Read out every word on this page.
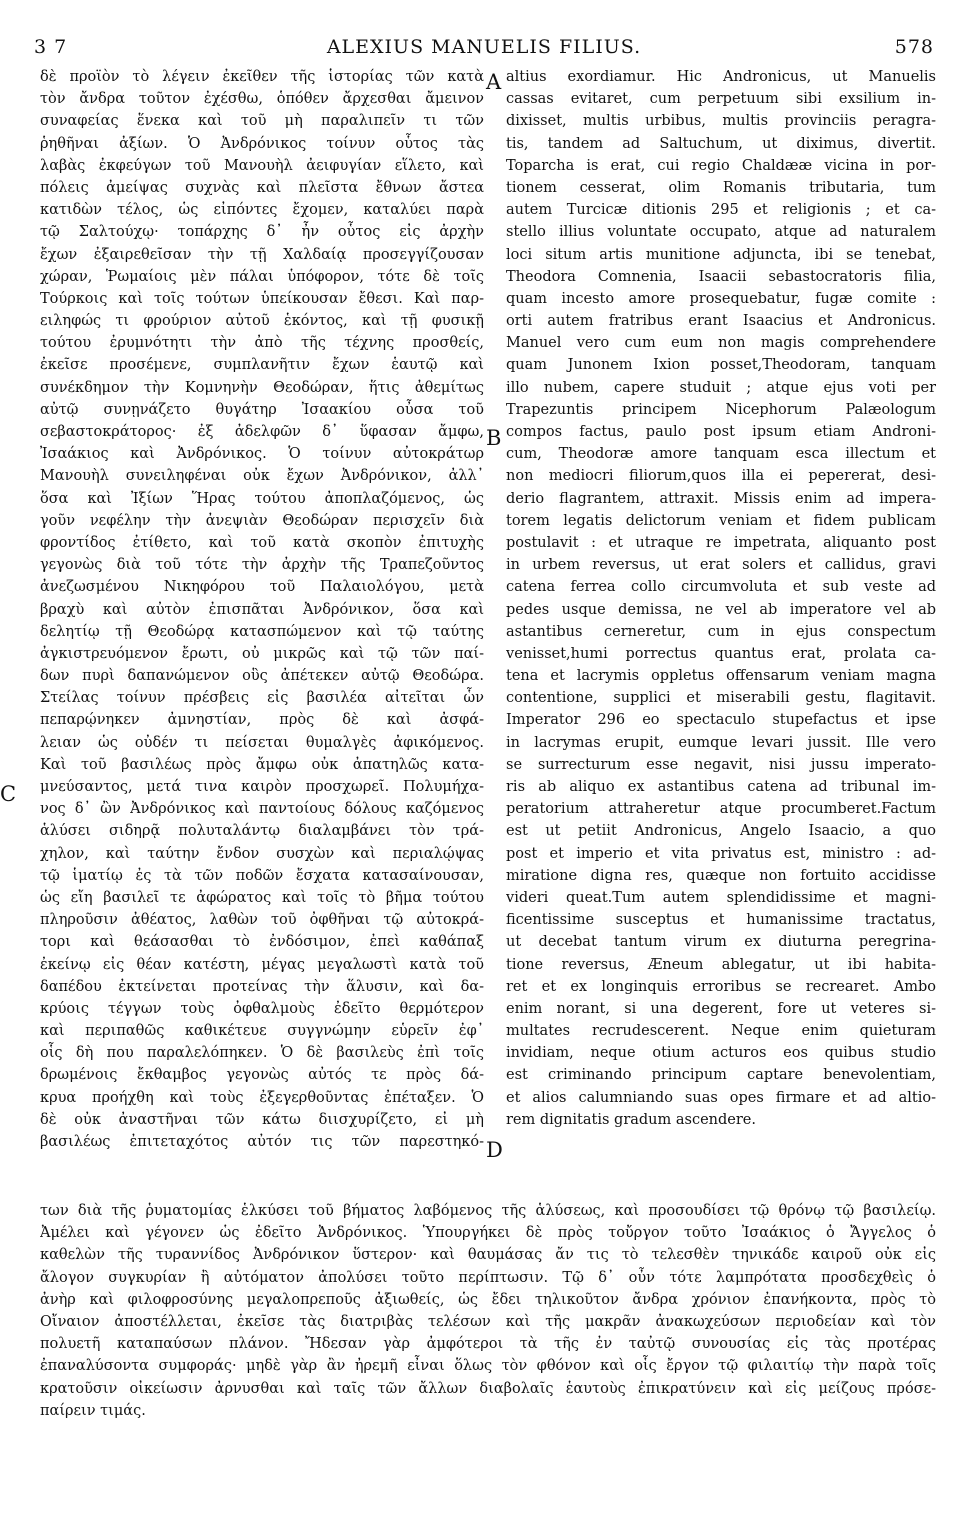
3 7	ALEXIUS MANUELIS FILIUS.	578
δὲ προϊὸν τὸ λέγειν ἐκεῖθεν τῆς ἱστορίας τῶν κατὰ
τὸν ἄνδρα τοῦτον ἐχέσθω, ὁπόθεν ἄρχεσθαι ἄμεινον
συναφείας ἕνεκα καὶ τοῦ μὴ παραλιπεῖν τι τῶν
ῥηθῆναι ἀξίων. Ὁ Ἀνδρόνικος τοίνυν οὗτος τὰς
λαβὰς ἐκφεύγων τοῦ Μανουὴλ ἀειφυγίαν εἵλετο, καὶ
πόλεις ἀμείψας συχνὰς καὶ πλεῖστα ἔθνων ἄστεα
κατιδὼν τέλος, ὡς εἰπόντες ἔχομεν, καταλύει παρὰ
τῷ Σαλτούχῳ· τοπάρχης δ᾽ ἦν οὗτος εἰς ἀρχὴν
ἔχων ἐξαιρεθεῖσαν τὴν τῇ Χαλδαίᾳ προσεγγίζουσαν
χώραν, Ῥωμαίοις μὲν πάλαι ὑπόφορον, τότε δὲ τοῖς
Τούρκοις καὶ τοῖς τούτων ὑπείκουσαν ἔθεσι. Καὶ παρ-
ειληφώς τι φρούριον αὐτοῦ ἑκόντος, καὶ τῇ φυσικῇ
τούτου ἐρυμνότητι τὴν ἀπὸ τῆς τέχνης προσθείς,
ἐκεῖσε προσέμενε, συμπλανῆτιν ἔχων ἑαυτῷ καὶ
συνέκδημον τὴν Κομνηνὴν Θεοδώραν, ἥτις ἀθεμίτως
αὐτῷ συνῃνάζετο θυγάτηρ Ἰσαακίου οὖσα τοῦ
σεβαστοκράτορος· ἐξ ἀδελφῶν δ᾽ ὕφασαν ἄμφω,
Ἰσαάκιος καὶ Ἀνδρόνικος. Ὁ τοίνυν αὐτοκράτωρ
Μανουὴλ συνειληφέναι οὐκ ἔχων Ἀνδρόνικον, ἀλλ᾽
ὅσα καὶ Ἰξίων Ἥρας τούτου ἀποπλαζόμενος, ὡς
γοῦν νεφέλην τὴν ἀνεψιὰν Θεοδώραν περισχεῖν διὰ
φροντίδος ἐτίθετο, καὶ τοῦ κατὰ σκοπὸν ἐπιτυχὴς
γεγονὼς διὰ τοῦ τότε τὴν ἀρχὴν τῆς Τραπεζοῦντος
ἀνεζωσμένου Νικηφόρου τοῦ Παλαιολόγου, μετὰ
βραχὺ καὶ αὐτὸν ἐπισπᾶται Ἀνδρόνικον, ὅσα καὶ
δελητίῳ τῇ Θεοδώρᾳ κατασπώμενον καὶ τῷ ταύτης
ἀγκιστρευόμενον ἔρωτι, οὐ μικρῶς καὶ τῷ τῶν παί-
δων πυρὶ δαπανώμενον οὓς ἀπέτεκεν αὐτῷ Θεοδώρα.
Στείλας τοίνυν πρέσβεις εἰς βασιλέα αἰτεῖται ὧν
πεπαρῴνηκεν ἀμνηστίαν, πρὸς δὲ καὶ ἀσφά-
λειαν ὡς οὐδέν τι πείσεται θυμαλγὲς ἀφικόμενος.
Καὶ τοῦ βασιλέως πρὸς ἄμφω οὐκ ἀπατηλῶς κατα-
μνεύσαντος, μετά τινα καιρὸν προσχωρεῖ. Πολυμήχα-
νος δ᾽ ὢν Ἀνδρόνικος καὶ παντοίους δόλους καζόμενος
ἁλύσει σιδηρᾷ πολυταλάντῳ διαλαμβάνει τὸν τρά-
χηλον, καὶ ταύτην ἔνδον συσχὼν καὶ περιαλῴψας
τῷ ἱματίῳ ἐς τὰ τῶν ποδῶν ἔσχατα κατασαίνουσαν,
ὡς εἴη βασιλεῖ τε ἀφώρατος καὶ τοῖς τὸ βῆμα τούτου
πληροῦσιν ἀθέατος, λαθὼν τοῦ ὀφθῆναι τῷ αὐτοκρά-
τορι καὶ θεάσασθαι τὸ ἐνδόσιμον, ἐπεὶ καθάπαξ
ἐκείνῳ εἰς θέαν κατέστη, μέγας μεγαλωστὶ κατὰ τοῦ
δαπέδου ἐκτείνεται προτείνας τὴν ἅλυσιν, καὶ δα-
κρύοις τέγγων τοὺς ὀφθαλμοὺς ἐδεῖτο θερμότερον
καὶ περιπαθῶς καθικέτευε συγγνώμην εὑρεῖν ἐφ᾽
οἷς δὴ που παραλελόπηκεν. Ὁ δὲ βασιλεὺς ἐπὶ τοῖς
δρωμένοις ἔκθαμβος γεγονὼς αὐτός τε πρὸς δά-
κρυα προήχθη καὶ τοὺς ἐξεγερθοῦντας ἐπέταξεν. Ὁ
δὲ οὐκ ἀναστῆναι τῶν κάτω διισχυρίζετο, εἰ μὴ
βασιλέως ἐπιτεταχότος αὐτόν τις τῶν παρεστηκό-
altius exordiamur. Hic Andronicus, ut Manuelis
cassas evitaret, cum perpetuum sibi exsilium in-
dixisset, multis urbibus, multis provinciis peragra-
tis, tandem ad Saltuchum, ut diximus, divertit.
Toparcha is erat, cui regio Chaldææ vicina in por-
tionem cesserat, olim Romanis tributaria, tum
autem Turcicæ ditionis 295 et religionis ; et ca-
stello illius voluntate occupato, atque ad naturalem
loci situm artis munitione adjuncta, ibi se tenebat,
Theodora Comnenia, Isaacii sebastocratoris filia,
quam incesto amore prosequebatur, fugæ comite :
orti autem fratribus erant Isaacius et Andronicus.
Manuel vero cum eum non magis comprehendere
quam Junonem Ixion posset,Theodoram, tanquam
illo nubem, capere studuit ; atque ejus voti per
Trapezuntis principem Nicephorum Palæologum
compos factus, paulo post ipsum etiam Androni-
cum, Theodoræ amore tanquam esca illectum et
non mediocri filiorum,quos illa ei pepererat, desi-
derio flagrantem, attraxit. Missis enim ad impera-
torem legatis delictorum veniam et fidem publicam
postulavit : et utraque re impetrata, aliquanto post
in urbem reversus, ut erat solers et callidus, gravi
catena ferrea collo circumvoluta et sub veste ad
pedes usque demissa, ne vel ab imperatore vel ab
astantibus cerneretur, cum in ejus conspectum
venisset,humi porrectus quantus erat, prolata ca-
tena et lacrymis oppletus offensarum veniam magna
contentione, supplici et miserabili gestu, flagitavit.
Imperator 296 eo spectaculo stupefactus et ipse
in lacrymas erupit, eumque levari jussit. Ille vero
se surrecturum esse negavit, nisi jussu imperato-
ris ab aliquo ex astantibus catena ad tribunal im-
peratorium attraheretur atque procumberet.Factum
est ut petiit Andronicus, Angelo Isaacio, a quo
post et imperio et vita privatus est, ministro : ad-
miratione digna res, quæque non fortuito accidisse
videri queat.Tum autem splendidissime et magni-
ficentissime susceptus et humanissime tractatus,
ut decebat tantum virum ex diuturna peregrina-
tione reversus, Æneum ablegatur, ut ibi habita-
ret et ex longinquis erroribus se recrearet. Ambo
enim norant, si una degerent, fore ut veteres si-
multates recrudescerent. Neque enim quieturam
invidiam, neque otium acturos eos quibus studio
est criminando principum captare benevolentiam,
et alios calumniando suas opes firmare et ad altio-
rem dignitatis gradum ascendere.
A
B
C
D
των διὰ τῆς ῥυματομίας ἑλκύσει τοῦ βήματος λαβόμενος τῆς ἁλύσεως, καὶ προσουδίσει τῷ θρόνῳ τῷ βασιλείῳ.
Ἀμέλει καὶ γέγονεν ὡς ἐδεῖτο Ἀνδρόνικος. Ὑπουργήκει δὲ πρὸς τοὔργον τοῦτο Ἰσαάκιος ὁ Ἄγγελος ὁ
καθελὼν τῆς τυραννίδος Ἀνδρόνικον ὕστερον· καὶ θαυμάσας ἄν τις τὸ τελεσθὲν τηνικάδε καιροῦ οὐκ εἰς
ἄλογον συγκυρίαν ἢ αὐτόματον ἀπολύσει τοῦτο περίπτωσιν. Τῷ δ᾽ οὖν τότε λαμπρότατα προσδεχθεὶς ὁ
ἀνὴρ καὶ φιλοφροσύνης μεγαλοπρεποῦς ἀξιωθείς, ὡς ἔδει τηλικοῦτον ἄνδρα χρόνιον ἐπανήκοντα, πρὸς τὸ
Οἴναιον ἀποστέλλεται, ἐκεῖσε τὰς διατριβὰς τελέσων καὶ τῆς μακρᾶν ἀνακωχεύσων περιοδείαν καὶ τὸν
πολυετῆ καταπαύσων πλάνον. Ἤδεσαν γὰρ ἀμφότεροι τὰ τῆς ἐν ταὐτῷ συνουσίας εἰς τὰς προτέρας
ἐπαναλύσοντα συμφοράς· μηδὲ γὰρ ἂν ἠρεμῆ εἶναι ὅλως τὸν φθόνον καὶ οἷς ἔργον τῷ φιλαιτίῳ τὴν παρὰ τοῖς
κρατοῦσιν οἰκείωσιν ἀρνυσθαι καὶ ταῖς τῶν ἄλλων διαβολαῖς ἑαυτοὺς ἐπικρατύνειν καὶ εἰς μείζους πρόσε-
παίρειν τιμάς.
